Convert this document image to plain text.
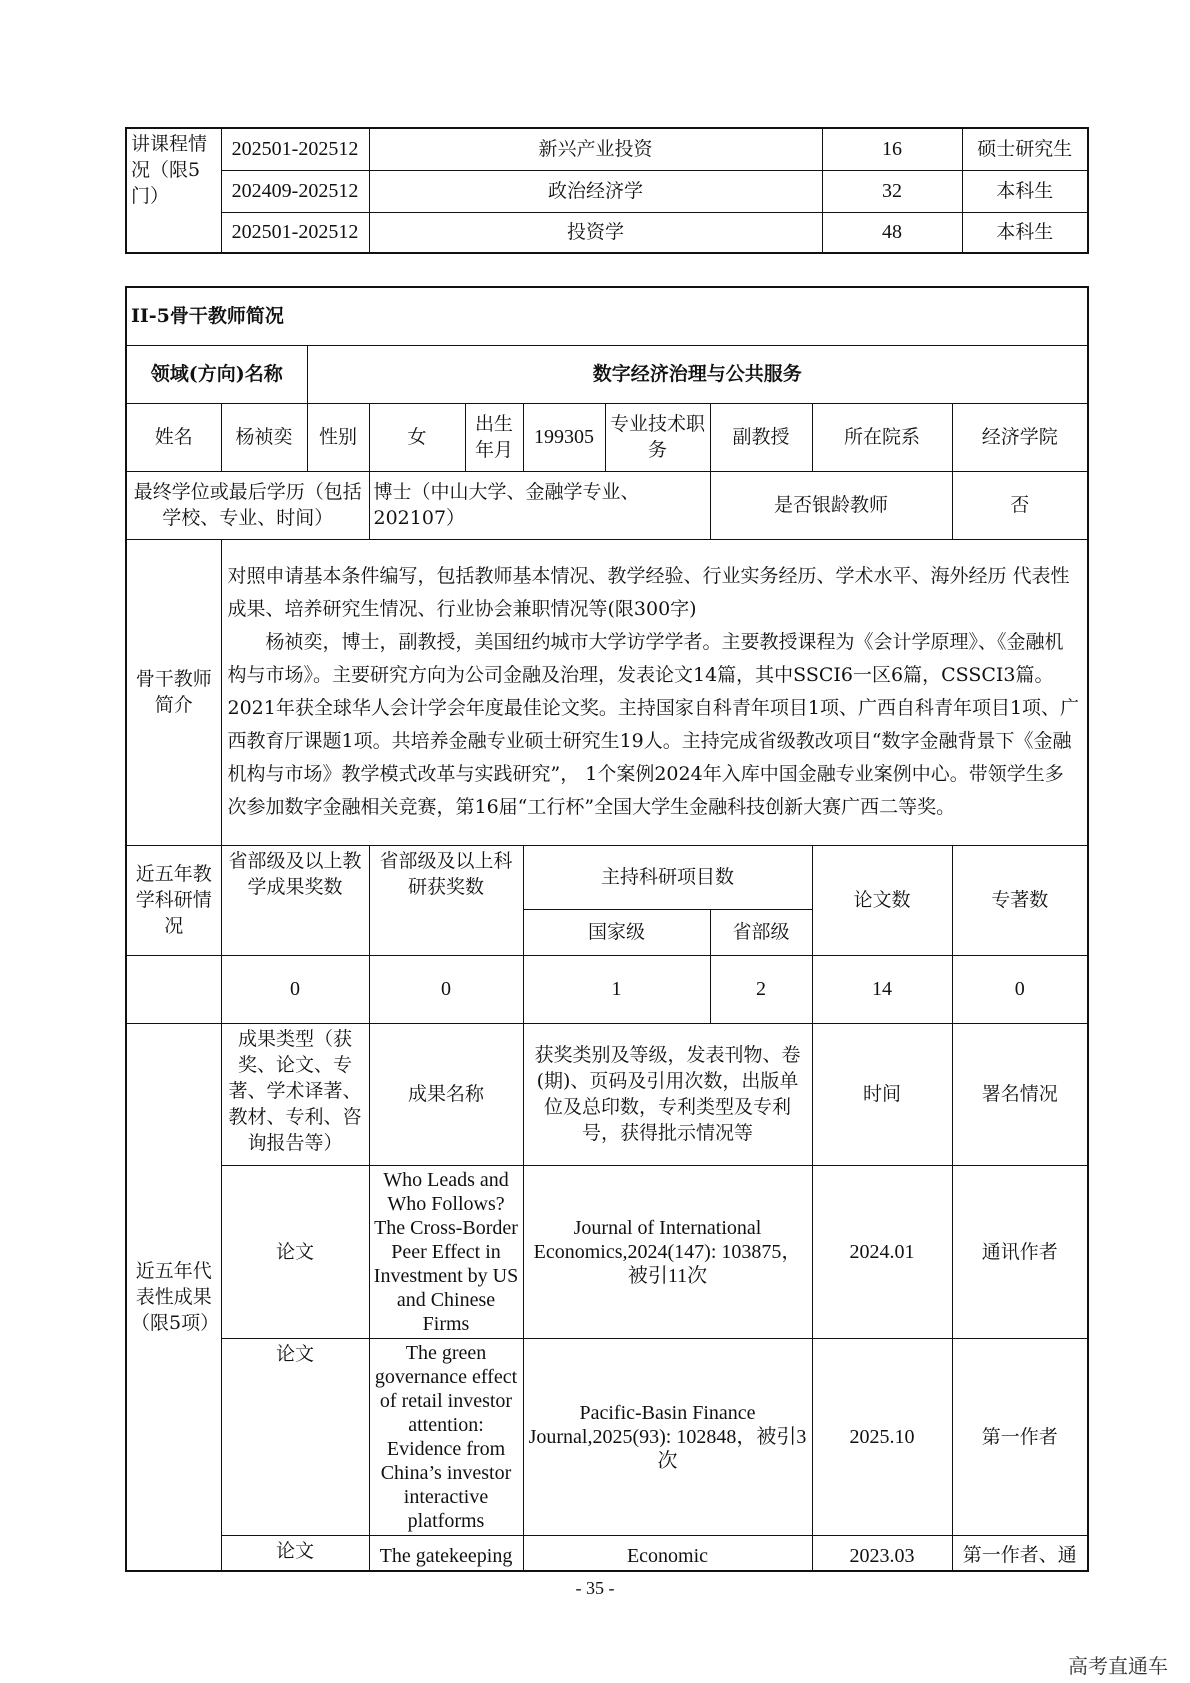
讲课程情况（限5门）	202501-202512	新兴产业投资	16	硕士研究生
	202409-202512	政治经济学	32	本科生
	202501-202512	投资学	48	本科生
II-5骨干教师简况									
领域(方向)名称		数字经济治理与公共服务							
姓名	杨祯奕	性别	女	出生年月	199305	专业技术职务	副教授	所在院系	经济学院
最终学位或最后学历（包括学校、专业、时间）			博士（中山大学、金融学专业、202107）				是否银龄教师		否
骨干教师简介	对照申请基本条件编写，包括教师基本情况、教学经验、行业实务经历、学术水平、海外经历 代表性成果、培养研究生情况、行业协会兼职情况等(限300字)
杨祯奕，博士，副教授，美国纽约城市大学访学学者。主要教授课程为《会计学原理》、《金融机构与市场》。主要研究方向为公司金融及治理，发表论文14篇，其中SSCI6一区6篇，CSSCI3篇。2021年获全球华人会计学会年度最佳论文奖。主持国家自科青年项目1项、广西自科青年项目1项、广西教育厅课题1项。共培养金融专业硕士研究生19人。主持完成省级教改项目“数字金融背景下《金融机构与市场》教学模式改革与实践研究”， 1个案例2024年入库中国金融专业案例中心。带领学生多次参加数字金融相关竞赛，第16届“工行杯”全国大学生金融科技创新大赛广西二等奖。								

近五年教学科研情况	省部级及以上教学成果奖数		省部级及以上科研获奖数		主持科研项目数			论文数	专著数
					国家级		省部级		
	0		0		1		2	14	0
近五年代表性成果（限5项）	成果类型（获奖、论文、专著、学术译著、教材、专利、咨询报告等）		成果名称		获奖类别及等级，发表刊物、卷(期)、页码及引用次数，出版单位及总印数，专利类型及专利号，获得批示情况等			时间	署名情况
	论文		Who Leads and Who Follows? The Cross-Border Peer Effect in Investment by US and Chinese Firms		Journal of International Economics,2024(147): 103875，被引11次			2024.01	通讯作者
	论文		The green governance effect of retail investor attention: Evidence from China’s investor interactive platforms		Pacific-Basin Finance Journal,2025(93): 102848，被引3次			2025.10	第一作者
	论文		The gatekeeping		Economic			2023.03	第一作者、通
- 35 -
高考直通车
